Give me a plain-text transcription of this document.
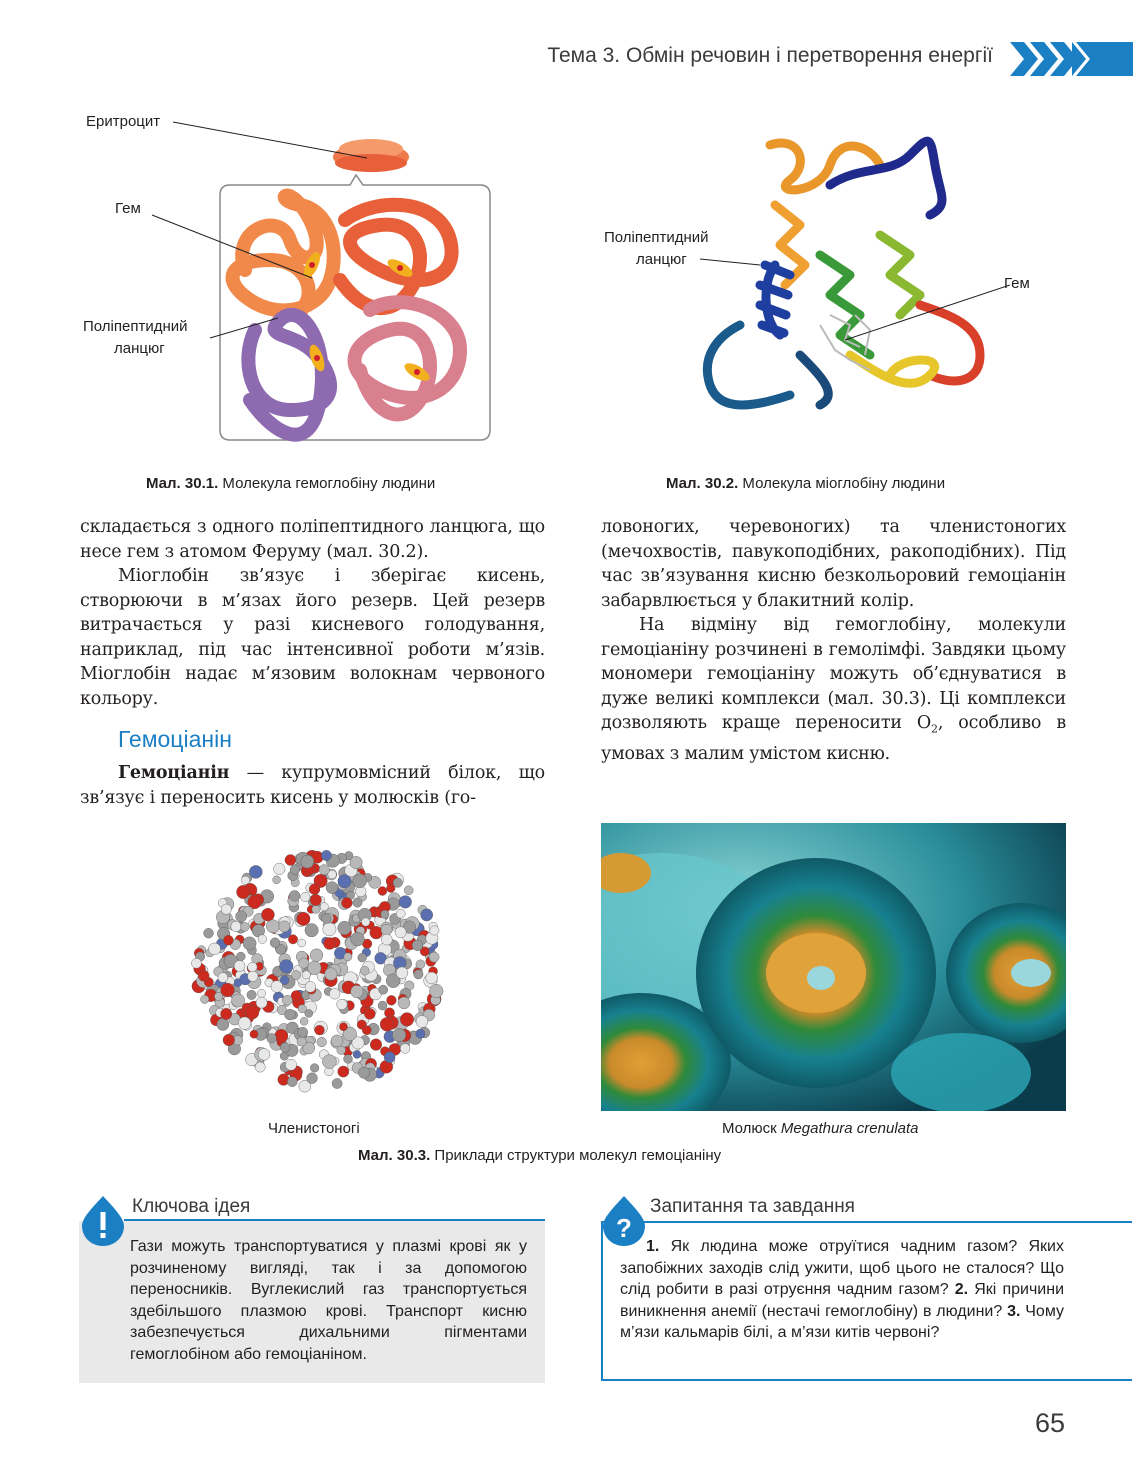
Тема 3. Обмін речовин і перетворення енергії
Еритроцит
Гем
Поліпептидний
ланцюг
Мал. 30.1. Молекула гемоглобіну людини
Поліпептидний
ланцюг
Гем
Мал. 30.2. Молекула міоглобіну людини

складається з одного поліпептидного ланцюга, що несе гем з атомом Феруму (мал. 30.2).

Міоглобін зв’язує і зберігає кисень, створюючи в м’язах його резерв. Цей резерв витрачається у разі кисневого голодування, наприклад, під час інтенсивної роботи м’язів. Міоглобін надає м’язовим волокнам червоного кольору.

Гемоціанін

Гемоціанін — купрумовмісний білок, що зв’язує і переносить кисень у молюсків (го-

ловоногих, черевоногих) та членистоногих (мечохвостів, павукоподібних, ракоподібних). Під час зв’язування кисню безкольоровий гемоціанін забарвлюється у блакитний колір.

На відміну від гемоглобіну, молекули гемоціаніну розчинені в гемолімфі. Завдяки цьому мономери гемоціаніну можуть об’єднуватися в дуже великі комплекси (мал. 30.3). Ці комплекси дозволяють краще переносити $О_2$, особливо в умовах з малим умістом кисню.

Членистоногі	Молюск Megathura crenulata
Мал. 30.3. Приклади структури молекул гемоціаніну
Ключова ідея
Гази можуть транспортуватися у плазмі крові як у розчиненому вигляді, так і за допомогою переносників. Вуглекислий газ транспортується здебільшого плазмою крові. Транспорт кисню забезпечується дихальними пігментами гемоглобіном або гемоціаніном.
?
Запитання та завдання
1. Як людина може отруїтися чадним газом? Яких запобіжних заходів слід ужити, щоб цього не сталося? Що слід робити в разі отруєння чадним газом? 2. Які причини виникнення анемії (нестачі гемоглобіну) в людини? 3. Чому м’язи кальмарів білі, а м’язи китів червоні?
65
